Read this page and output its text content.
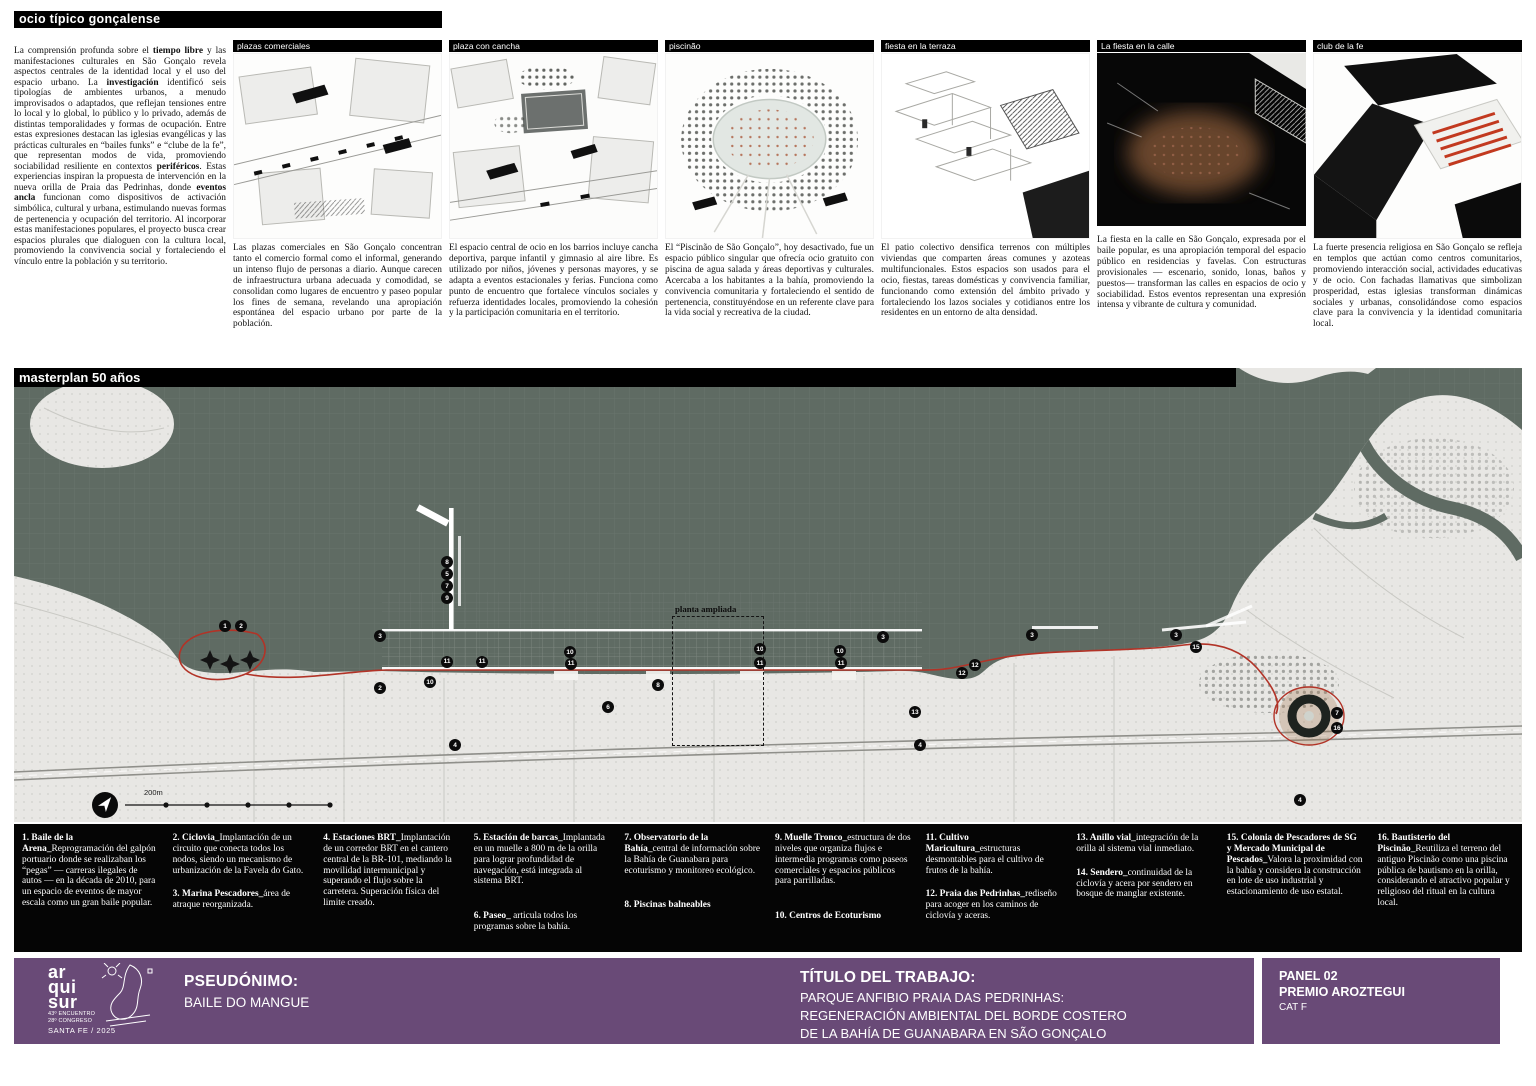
ocio típico gonçalense
La comprensión profunda sobre el tiempo libre y las manifestaciones culturales en São Gonçalo revela aspectos centrales de la identidad local y el uso del espacio urbano. La investigación identificó seis tipologías de ambientes urbanos, a menudo improvisados o adaptados, que reflejan tensiones entre lo local y lo global, lo público y lo privado, además de distintas temporalidades y formas de ocupación. Entre estas expresiones destacan las iglesias evangélicas y las prácticas culturales en “bailes funks” e “clube de la fe”, que representan modos de vida, promoviendo sociabilidad resiliente en contextos periféricos. Estas experiencias inspiran la propuesta de intervención en la nueva orilla de Praia das Pedrinhas, donde eventos ancla funcionan como dispositivos de activación simbólica, cultural y urbana, estimulando nuevas formas de pertenencia y ocupación del territorio. Al incorporar estas manifestaciones populares, el proyecto busca crear espacios plurales que dialoguen con la cultura local, promoviendo la convivencia social y fortaleciendo el vínculo entre la población y su territorio.
plazas comerciales
Las plazas comerciales en São Gonçalo concentran tanto el comercio formal como el informal, generando un intenso flujo de personas a diario. Aunque carecen de infraestructura urbana adecuada y comodidad, se consolidan como lugares de encuentro y paseo popular los fines de semana, revelando una apropiación espontánea del espacio urbano por parte de la población.
plaza con cancha
El espacio central de ocio en los barrios incluye cancha deportiva, parque infantil y gimnasio al aire libre. Es utilizado por niños, jóvenes y personas mayores, y se adapta a eventos estacionales y ferias. Funciona como punto de encuentro que fortalece vínculos sociales y refuerza identidades locales, promoviendo la cohesión y la participación comunitaria en el territorio.
piscinão
El “Piscinão de São Gonçalo”, hoy desactivado, fue un espacio público singular que ofrecía ocio gratuito con piscina de agua salada y áreas deportivas y culturales. Acercaba a los habitantes a la bahía, promoviendo la convivencia comunitaria y fortaleciendo el sentido de pertenencia, constituyéndose en un referente clave para la vida social y recreativa de la ciudad.
fiesta en la terraza
El patio colectivo densifica terrenos con múltiples viviendas que comparten áreas comunes y azoteas multifuncionales. Estos espacios son usados para el ocio, fiestas, tareas domésticas y convivencia familiar, funcionando como extensión del ámbito privado y fortaleciendo los lazos sociales y cotidianos entre los residentes en un entorno de alta densidad.
La fiesta en la calle
La fiesta en la calle en São Gonçalo, expresada por el baile popular, es una apropiación temporal del espacio público en residencias y favelas. Con estructuras provisionales — escenario, sonido, lonas, baños y puestos— transforman las calles en espacios de ocio y sociabilidad. Estos eventos representan una expresión intensa y vibrante de cultura y comunidad.
club de la fe
La fuerte presencia religiosa en São Gonçalo se refleja en templos que actúan como centros comunitarios, promoviendo interacción social, actividades educativas y de ocio. Con fachadas llamativas que simbolizan prosperidad, estas iglesias transforman dinámicas sociales y urbanas, consolidándose como espacios clave para la convivencia y la identidad comunitaria local.
masterplan 50 años
planta ampliada
200m
1	2
8
5
7
9
3
2
10
11	11
10
11
6
8
10
11
10
11
3
13
4
4
12
12
3	3
15
7
16
4
1. Baile de la Arena_Reprogramación del galpón portuario donde se realizaban los “pegas” — carreras ilegales de autos — en la década de 2010, para un espacio de eventos de mayor escala como un gran baile popular.
2. Ciclovia_Implantación de un circuito que conecta todos los nodos, siendo un mecanismo de urbanización de la Favela do Gato.
3. Marina Pescadores_área de atraque reorganizada.
4. Estaciones BRT_Implantación de un corredor BRT en el cantero central de la BR-101, mediando la movilidad intermunicipal y superando el flujo sobre la carretera. Superación física del limite creado.
5. Estación de barcas_Implantada en un muelle a 800 m de la orilla para lograr profundidad de navegación, está integrada al sistema BRT.
6. Paseo_ articula todos los programas sobre la bahía.
7. Observatorio de la Bahía_central de información sobre la Bahía de Guanabara para ecoturismo y monitoreo ecológico.
8. Piscinas balneables
9. Muelle Tronco_estructura de dos niveles que organiza flujos e intermedia programas como paseos comerciales y espacios públicos para parrilladas.
10. Centros de Ecoturismo
11. Cultivo Maricultura_estructuras desmontables para el cultivo de frutos de la bahía.
12. Praia das Pedrinhas_rediseño para acoger en los caminos de ciclovía y aceras.
13. Anillo vial_integración de la orilla al sistema vial inmediato.
14. Sendero_continuidad de la ciclovía y acera por sendero en bosque de manglar existente.
15. Colonia de Pescadores de SG y Mercado Municipal de Pescados_Valora la proximidad con la bahía y considera la construcción en lote de uso industrial y estacionamiento de uso estatal.
16. Bautisterio del Piscinão_Reutiliza el terreno del antiguo Piscinão como una piscina pública de bautismo en la orilla, considerando el atractivo popular y religioso del ritual en la cultura local.
ar
qui
sur
43º ENCUENTRO
28º CONGRESO
SANTA FE / 2025
PSEUDÓNIMO:
BAILE DO MANGUE
TÍTULO DEL TRABAJO:
PARQUE ANFIBIO PRAIA DAS PEDRINHAS:
REGENERACIÓN AMBIENTAL DEL BORDE COSTERO
DE LA BAHÍA DE GUANABARA EN SÃO GONÇALO
PANEL 02
PREMIO AROZTEGUI
CAT F
